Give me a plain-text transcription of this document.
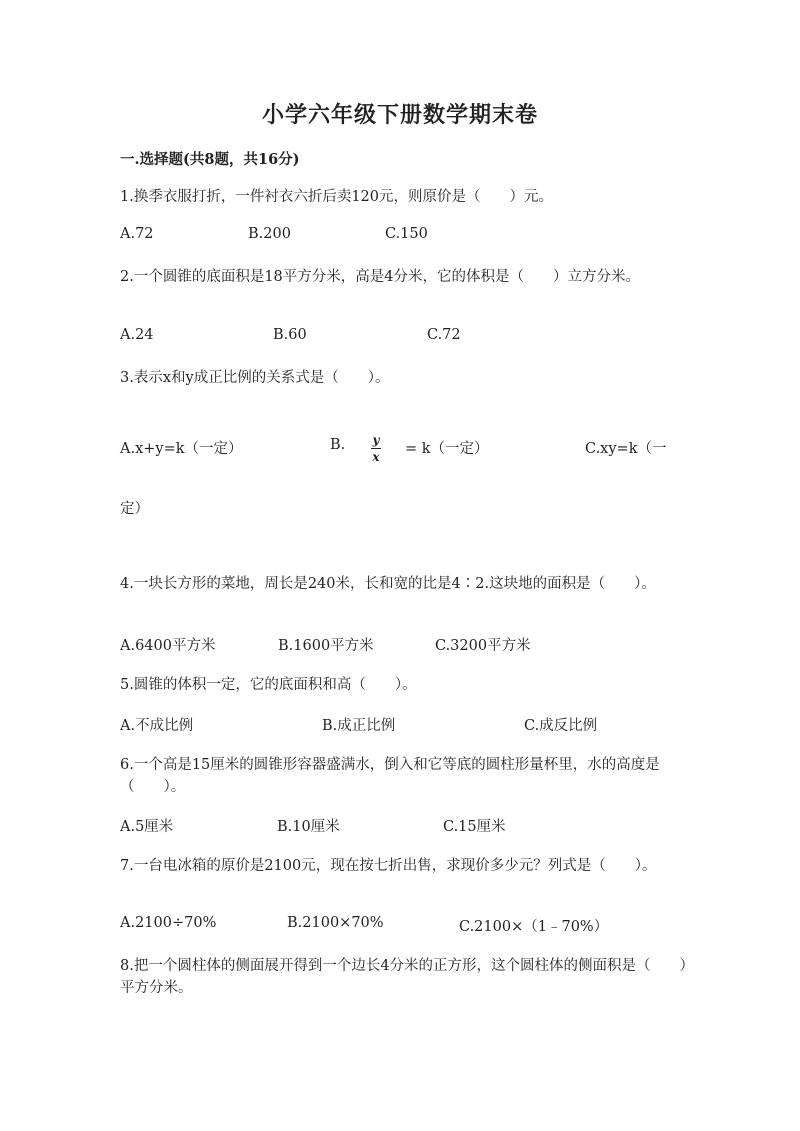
小学六年级下册数学期末卷
一.选择题(共8题，共16分)
1.换季衣服打折，一件衬衣六折后卖120元，则原价是（　　）元。
A.72	B.200	C.150
2.一个圆锥的底面积是18平方分米，高是4分米，它的体积是（　　）立方分米。
A.24	B.60	C.72
3.表示x和y成正比例的关系式是（　　）。
A.x+y=k（一定）	B. y
x = k（一定）	C.xy=k（一
定）
4.一块长方形的菜地，周长是240米，长和宽的比是4∶2.这块地的面积是（　　）。
A.6400平方米	B.1600平方米	C.3200平方米
5.圆锥的体积一定，它的底面积和高（　　）。
A.不成比例	B.成正比例	C.成反比例
6.一个高是15厘米的圆锥形容器盛满水，倒入和它等底的圆柱形量杯里，水的高度是（　　）。
A.5厘米	B.10厘米	C.15厘米
7.一台电冰箱的原价是2100元，现在按七折出售，求现价多少元？列式是（　　）。
A.2100÷70%	B.2100×70%	C.2100×（1﹣70%）
8.把一个圆柱体的侧面展开得到一个边长4分米的正方形，这个圆柱体的侧面积是（　　）平方分米。
